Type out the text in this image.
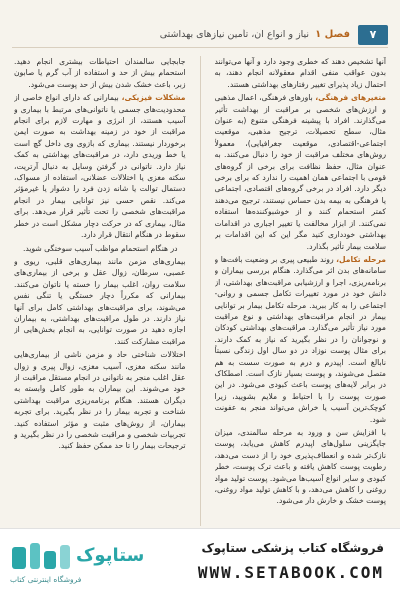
۷
فصل ۱
نیاز و انواع آن، تأمین نیازهای بهداشتی

آنها تشخیص دهند که خطری وجود دارد و آنها می‌توانند بدون عواقب منفی اقدام معقولانه انجام دهند، به احتمال زیاد پذیرای تغییر رفتارهای بهداشتی هستند.

متغیرهای فرهنگی، باورهای فرهنگی، اعمال مذهبی و ارزش‌های شخصی بر مراقبت از بهداشت تأثیر می‌گذارند. افراد با پیشینه فرهنگی متنوع (به عنوان مثال، سطح تحصیلات، ترجیح مذهبی، موقعیت اجتماعی-اقتصادی، موقعیت جغرافیایی)، معمولاً روش‌های مختلف مراقبت از خود را دنبال می‌کنند. به عنوان مثال، حفظ نظافت برای برخی از گروه‌های قومی با اجتماعی همان اهمیت را ندارد که برای برخی دیگر دارد. افراد در برخی گروه‌های اقتصادی، اجتماعی یا فرهنگی به بیمه بدن حساس نیستند، ترجیح می‌دهند کمتر استحمام کنند و از خوشبوکننده‌ها استفاده نمی‌کنند. از ابزار مخالفت یا تغییر اجباری در اقدامات بهداشتی خودداری کنید مگر این که این اقدامات بر سلامت بیمار تأثیر بگذارد.

مرحله تکامل، روند طبیعی پیری بر وضعیت بافت‌ها و سامانه‌های بدن اثر می‌گذارد. هنگام بررسی بیماران و برنامه‌ریزی، اجرا و ارزشیابی مراقبت‌های بهداشتی، از دانش خود در مورد تغییرات تکامل جسمی و روانی-اجتماعی را به کار ببرید. مرحله تکامل بیمار بر توانایی بیمار در انجام مراقبت‌های بهداشتی و نوع مراقبت مورد نیاز تأثیر می‌گذارد. مراقبت‌های بهداشتی کودکان و نوجوانان را در نظر بگیرید که نیاز به کمک دارند. برای مثال پوست نوزاد در دو سال اول زندگی نسبتاً نابالغ است. اپیدرم و درم به صورت سست به هم متصل می‌شوند، و پوست بسیار نازک است. اصطکاک در برابر لایه‌های پوست باعث کبودی می‌شود. در این صورت پوست را با احتیاط و ملایم بشویید، زیرا کوچک‌ترین آسیب یا خراش می‌تواند منجر به عفونت شود.

با افزایش سن و ورود به مرحله سالمندی، میزان جایگزینی سلول‌های اپیدرم کاهش می‌یابد، پوست نازک‌تر شده و انعطاف‌پذیری خود را از دست می‌دهد، رطوبت پوست کاهش یافته و باعث ترک پوست، خطر کبودی و سایر انواع آسیب‌ها می‌شود. پوست تولید مواد روغنی را کاهش می‌دهد، و با کاهش تولید مواد روغنی، پوست خشک و خارش دار می‌شود.

جابجایی سالمندان احتیاطات بیشتری انجام دهید. استحمام بیش از حد و استفاده از آب گرم یا صابون زبر، باعث خشک شدن بیش از حد پوست می‌شود.

مشکلات فیزیکی، بیمارانی که دارای انواع خاصی از محدودیت‌های جسمی یا ناتوانی‌های مرتبط با بیماری و آسیب هستند، از انرژی و مهارت لازم برای انجام مراقبت از خود در زمینه بهداشت به صورت ایمن برخوردار نیستند. بیماری که بازوی وی داخل گچ است یا خط وریدی دارد، در مراقبت‌های بهداشتی به کمک نیاز دارد. ناتوانی در گرفتن وسایل به دنبال آرتریت، سکته مغزی یا اختلالات عضلانی، استفاده از مسواک، دستمال توالت یا شانه زدن فرد را دشوار یا غیرمؤثر می‌کند. نقص حسی نیز توانایی بیمار در انجام مراقبت‌های شخصی را تحت تأثیر قرار می‌دهد. برای مثال، بیماری که در حرکت دچار مشکل است در خطر سقوط در هنگام انتقال قرار دارد.

در هنگام استحمام مواظب آسیب سوختگی شوید.

بیماری‌های مزمن مانند بیماری‌های قلبی، ریوی و عصبی، سرطان، زوال عقل و برخی از بیماری‌های سلامت روان، اغلب بیمار را خسته یا ناتوان می‌کنند. بیمارانی که مکرراً دچار خستگی یا تنگی نفس می‌شوند، برای مراقبت‌های بهداشتی کامل برای آنها نیاز دارند. در طول مراقبت‌های بهداشتی، به بیماران اجازه دهید در صورت توانایی، به انجام بخش‌هایی از مراقبت مشارکت کنند.

اختلالات شناختی حاد و مزمن ناشی از بیماری‌هایی مانند سکته مغزی، آسیب مغزی، زوال پیری و زوال عقل اغلب منجر به ناتوانی در انجام مستقل مراقبت از خود می‌شوند. این بیماران به طور کامل وابسته به دیگران هستند. هنگام برنامه‌ریزی مراقبت بهداشتی شناخت و تجربه بیمار را در نظر بگیرید. برای تجربه بیماران، از روش‌های مثبت و مؤثر استفاده کنید. تجربیات شخصی و مراقبت شخصی را در نظر بگیرید و ترجیحات بیمار را تا حد ممکن حفظ کنید.

ستاپوک
فروشگاه اینترنتی کتاب
فروشگاه کتاب پزشکی ستاپوک
WWW.SETABOOK.COM
